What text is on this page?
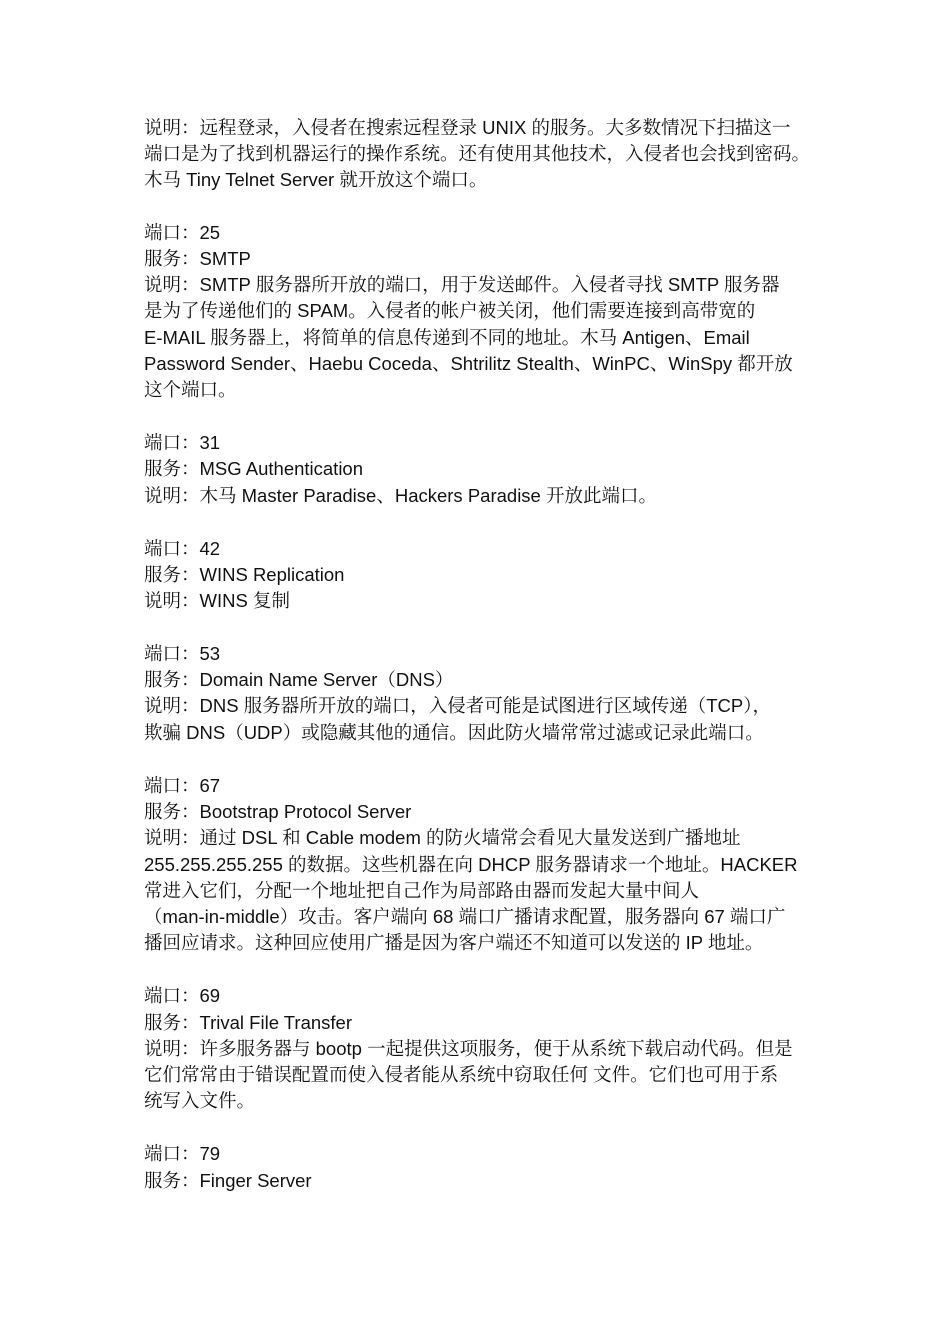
说明：远程登录，入侵者在搜索远程登录 UNIX 的服务。大多数情况下扫描这一
端口是为了找到机器运行的操作系统。还有使用其他技术，入侵者也会找到密码。
木马 Tiny Telnet Server 就开放这个端口。
端口：25
服务：SMTP
说明：SMTP 服务器所开放的端口，用于发送邮件。入侵者寻找 SMTP 服务器
是为了传递他们的 SPAM。入侵者的帐户被关闭，他们需要连接到高带宽的
E-MAIL 服务器上，将简单的信息传递到不同的地址。木马 Antigen、Email
Password Sender、Haebu Coceda、Shtrilitz Stealth、WinPC、WinSpy 都开放
这个端口。
端口：31
服务：MSG Authentication
说明：木马 Master Paradise、Hackers Paradise 开放此端口。
端口：42
服务：WINS Replication
说明：WINS 复制
端口：53
服务：Domain Name Server（DNS）
说明：DNS 服务器所开放的端口，入侵者可能是试图进行区域传递（TCP），
欺骗 DNS（UDP）或隐藏其他的通信。因此防火墙常常过滤或记录此端口。
端口：67
服务：Bootstrap Protocol Server
说明：通过 DSL 和 Cable modem 的防火墙常会看见大量发送到广播地址
255.255.255.255 的数据。这些机器在向 DHCP 服务器请求一个地址。HACKER
常进入它们，分配一个地址把自己作为局部路由器而发起大量中间人
（man-in-middle）攻击。客户端向 68 端口广播请求配置，服务器向 67 端口广
播回应请求。这种回应使用广播是因为客户端还不知道可以发送的 IP 地址。
端口：69
服务：Trival File Transfer
说明：许多服务器与 bootp 一起提供这项服务，便于从系统下载启动代码。但是
它们常常由于错误配置而使入侵者能从系统中窃取任何 文件。它们也可用于系
统写入文件。
端口：79
服务：Finger Server
